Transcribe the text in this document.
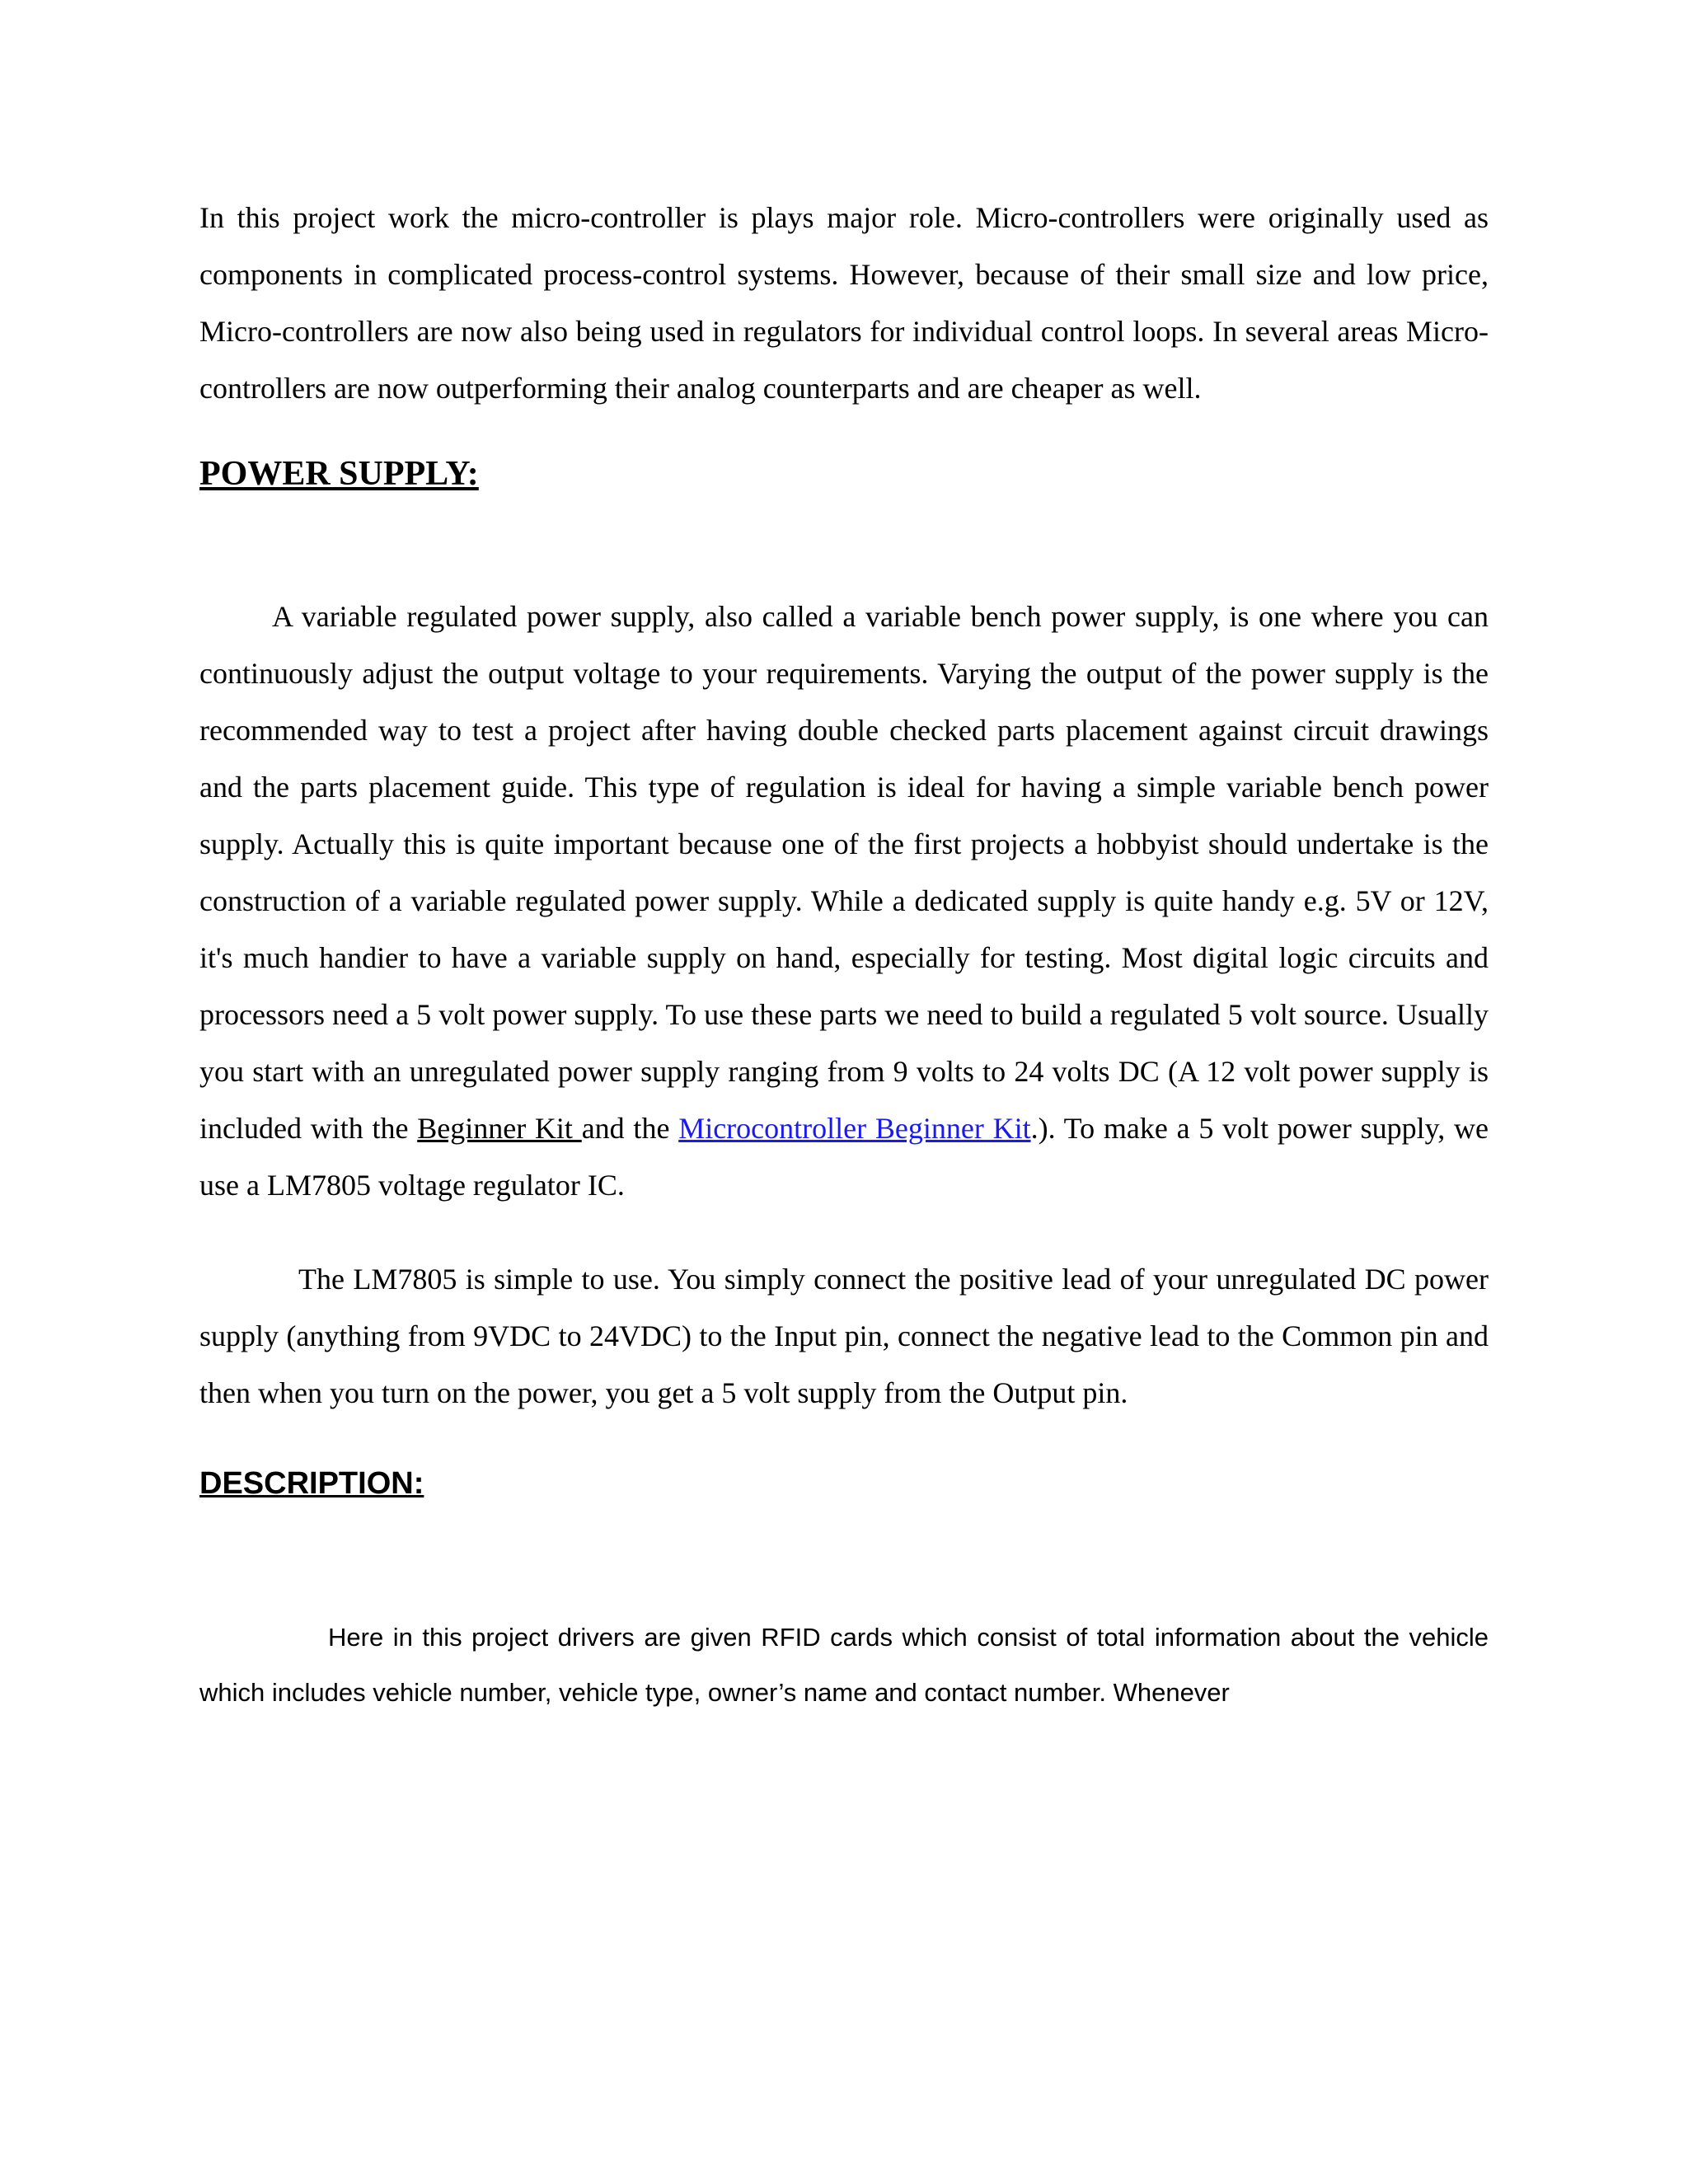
In this project work the micro-controller is plays major role. Micro-controllers were originally used as components in complicated process-control systems. However, because of their small size and low price, Micro-controllers are now also being used in regulators for individual control loops. In several areas Micro-controllers are now outperforming their analog counterparts and are cheaper as well.

POWER SUPPLY:

A variable regulated power supply, also called a variable bench power supply, is one where you can continuously adjust the output voltage to your requirements. Varying the output of the power supply is the recommended way to test a project after having double checked parts placement against circuit drawings and the parts placement guide. This type of regulation is ideal for having a simple variable bench power supply. Actually this is quite important because one of the first projects a hobbyist should undertake is the construction of a variable regulated power supply. While a dedicated supply is quite handy e.g. 5V or 12V, it's much handier to have a variable supply on hand, especially for testing. Most digital logic circuits and processors need a 5 volt power supply. To use these parts we need to build a regulated 5 volt source. Usually you start with an unregulated power supply ranging from 9 volts to 24 volts DC (A 12 volt power supply is included with the Beginner Kit and the Microcontroller Beginner Kit.). To make a 5 volt power supply, we use a LM7805 voltage regulator IC.

The LM7805 is simple to use. You simply connect the positive lead of your unregulated DC power supply (anything from 9VDC to 24VDC) to the Input pin, connect the negative lead to the Common pin and then when you turn on the power, you get a 5 volt supply from the Output pin.

DESCRIPTION:

Here in this project drivers are given RFID cards which consist of total information about the vehicle which includes vehicle number, vehicle type, owner’s name and contact number. Whenever
